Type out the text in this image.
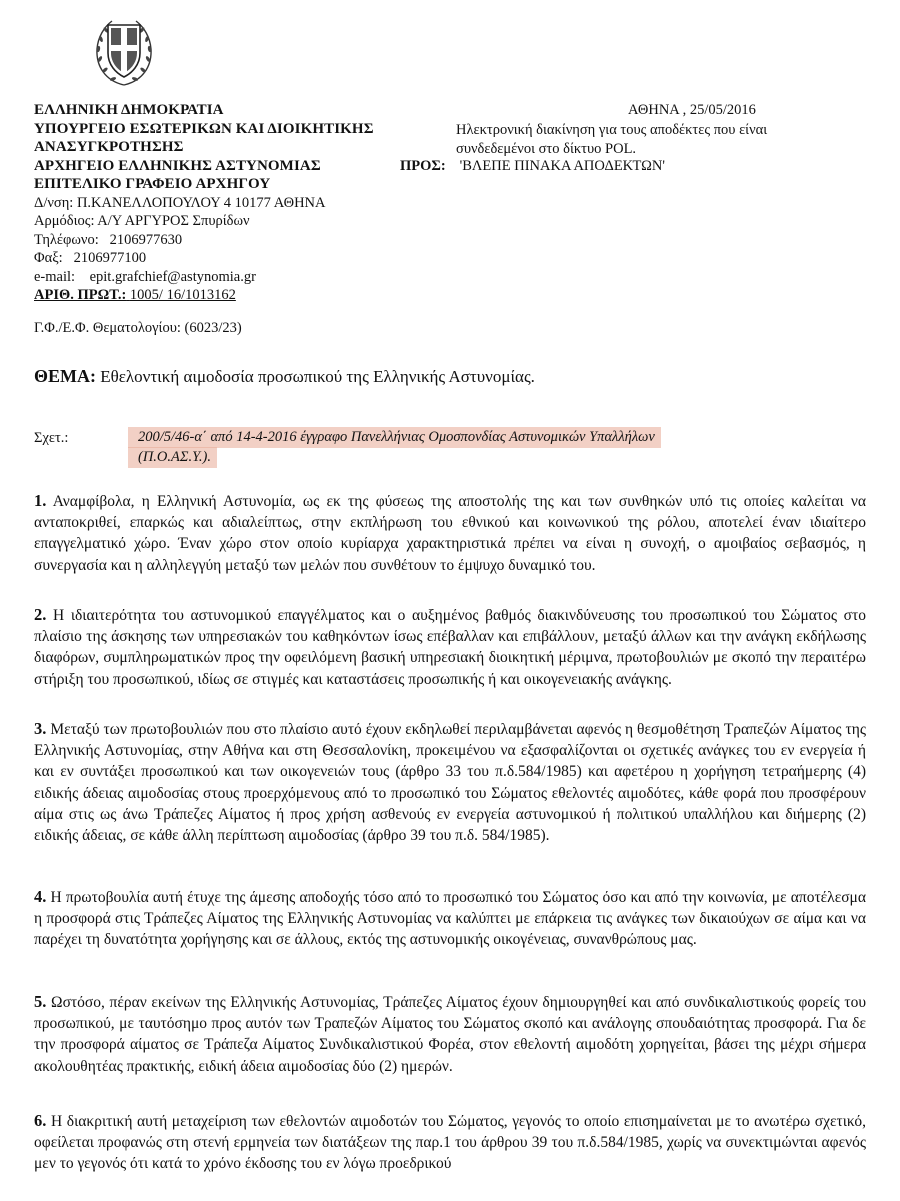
ΕΛΛΗΝΙΚΗ ΔΗΜΟΚΡΑΤΙΑ
ΥΠΟΥΡΓΕΙΟ ΕΣΩΤΕΡΙΚΩΝ ΚΑΙ ΔΙΟΙΚΗΤΙΚΗΣ
ΑΝΑΣΥΓΚΡΟΤΗΣΗΣ
ΑΡΧΗΓΕΙΟ ΕΛΛΗΝΙΚΗΣ ΑΣΤΥΝΟΜΙΑΣ
ΕΠΙΤΕΛΙΚΟ ΓΡΑΦΕΙΟ ΑΡΧΗΓΟΥ
Δ/νση: Π.ΚΑΝΕΛΛΟΠΟΥΛΟΥ 4 10177 ΑΘΗΝΑ
Αρμόδιος: Α/Υ ΑΡΓΥΡΟΣ Σπυρίδων
Τηλέφωνο: 2106977630
Φαξ: 2106977100
e-mail: epit.grafchief@astynomia.gr
ΑΡΙΘ. ΠΡΩΤ.: 1005/ 16/1013162
ΑΘΗΝΑ , 25/05/2016
Ηλεκτρονική διακίνηση για τους αποδέκτες που είναι συνδεδεμένοι στο δίκτυο POL.
ΠΡΟΣ: 'ΒΛΕΠΕ ΠΙΝΑΚΑ ΑΠΟΔΕΚΤΩΝ'
Γ.Φ./Ε.Φ. Θεματολογίου: (6023/23)
ΘΕΜΑ: Εθελοντική αιμοδοσία προσωπικού της Ελληνικής Αστυνομίας.
Σχετ.:	200/5/46-α΄ από 14-4-2016 έγγραφο Πανελλήνιας Ομοσπονδίας Αστυνομικών Υπαλλήλων (Π.Ο.ΑΣ.Υ.).
1. Αναμφίβολα, η Ελληνική Αστυνομία, ως εκ της φύσεως της αποστολής της και των συνθηκών υπό τις οποίες καλείται να ανταποκριθεί, επαρκώς και αδιαλείπτως, στην εκπλήρωση του εθνικού και κοινωνικού της ρόλου, αποτελεί έναν ιδιαίτερο επαγγελματικό χώρο. Έναν χώρο στον οποίο κυρίαρχα χαρακτηριστικά πρέπει να είναι η συνοχή, ο αμοιβαίος σεβασμός, η συνεργασία και η αλληλεγγύη μεταξύ των μελών που συνθέτουν το έμψυχο δυναμικό του.
2. Η ιδιαιτερότητα του αστυνομικού επαγγέλματος και ο αυξημένος βαθμός διακινδύνευσης του προσωπικού του Σώματος στο πλαίσιο της άσκησης των υπηρεσιακών του καθηκόντων ίσως επέβαλλαν και επιβάλλουν, μεταξύ άλλων και την ανάγκη εκδήλωσης διαφόρων, συμπληρωματικών προς την οφειλόμενη βασική υπηρεσιακή διοικητική μέριμνα, πρωτοβουλιών με σκοπό την περαιτέρω στήριξη του προσωπικού, ιδίως σε στιγμές και καταστάσεις προσωπικής ή και οικογενειακής ανάγκης.
3. Μεταξύ των πρωτοβουλιών που στο πλαίσιο αυτό έχουν εκδηλωθεί περιλαμβάνεται αφενός η θεσμοθέτηση Τραπεζών Αίματος της Ελληνικής Αστυνομίας, στην Αθήνα και στη Θεσσαλονίκη, προκειμένου να εξασφαλίζονται οι σχετικές ανάγκες του εν ενεργεία ή και εν συντάξει προσωπικού και των οικογενειών τους (άρθρο 33 του π.δ.584/1985) και αφετέρου η χορήγηση τετραήμερης (4) ειδικής άδειας αιμοδοσίας στους προερχόμενους από το προσωπικό του Σώματος εθελοντές αιμοδότες, κάθε φορά που προσφέρουν αίμα στις ως άνω Τράπεζες Αίματος ή προς χρήση ασθενούς εν ενεργεία αστυνομικού ή πολιτικού υπαλλήλου και διήμερης (2) ειδικής άδειας, σε κάθε άλλη περίπτωση αιμοδοσίας (άρθρο 39 του π.δ. 584/1985).
4. Η πρωτοβουλία αυτή έτυχε της άμεσης αποδοχής τόσο από το προσωπικό του Σώματος όσο και από την κοινωνία, με αποτέλεσμα η προσφορά στις Τράπεζες Αίματος της Ελληνικής Αστυνομίας να καλύπτει με επάρκεια τις ανάγκες των δικαιούχων σε αίμα και να παρέχει τη δυνατότητα χορήγησης και σε άλλους, εκτός της αστυνομικής οικογένειας, συνανθρώπους μας.
5. Ωστόσο, πέραν εκείνων της Ελληνικής Αστυνομίας, Τράπεζες Αίματος έχουν δημιουργηθεί και από συνδικαλιστικούς φορείς του προσωπικού, με ταυτόσημο προς αυτόν των Τραπεζών Αίματος του Σώματος σκοπό και ανάλογης σπουδαιότητας προσφορά. Για δε την προσφορά αίματος σε Τράπεζα Αίματος Συνδικαλιστικού Φορέα, στον εθελοντή αιμοδότη χορηγείται, βάσει της μέχρι σήμερα ακολουθητέας πρακτικής, ειδική άδεια αιμοδοσίας δύο (2) ημερών.
6. Η διακριτική αυτή μεταχείριση των εθελοντών αιμοδοτών του Σώματος, γεγονός το οποίο επισημαίνεται με το ανωτέρω σχετικό, οφείλεται προφανώς στη στενή ερμηνεία των διατάξεων της παρ.1 του άρθρου 39 του π.δ.584/1985, χωρίς να συνεκτιμώνται αφενός μεν το γεγονός ότι κατά το χρόνο έκδοσης του εν λόγω προεδρικού
